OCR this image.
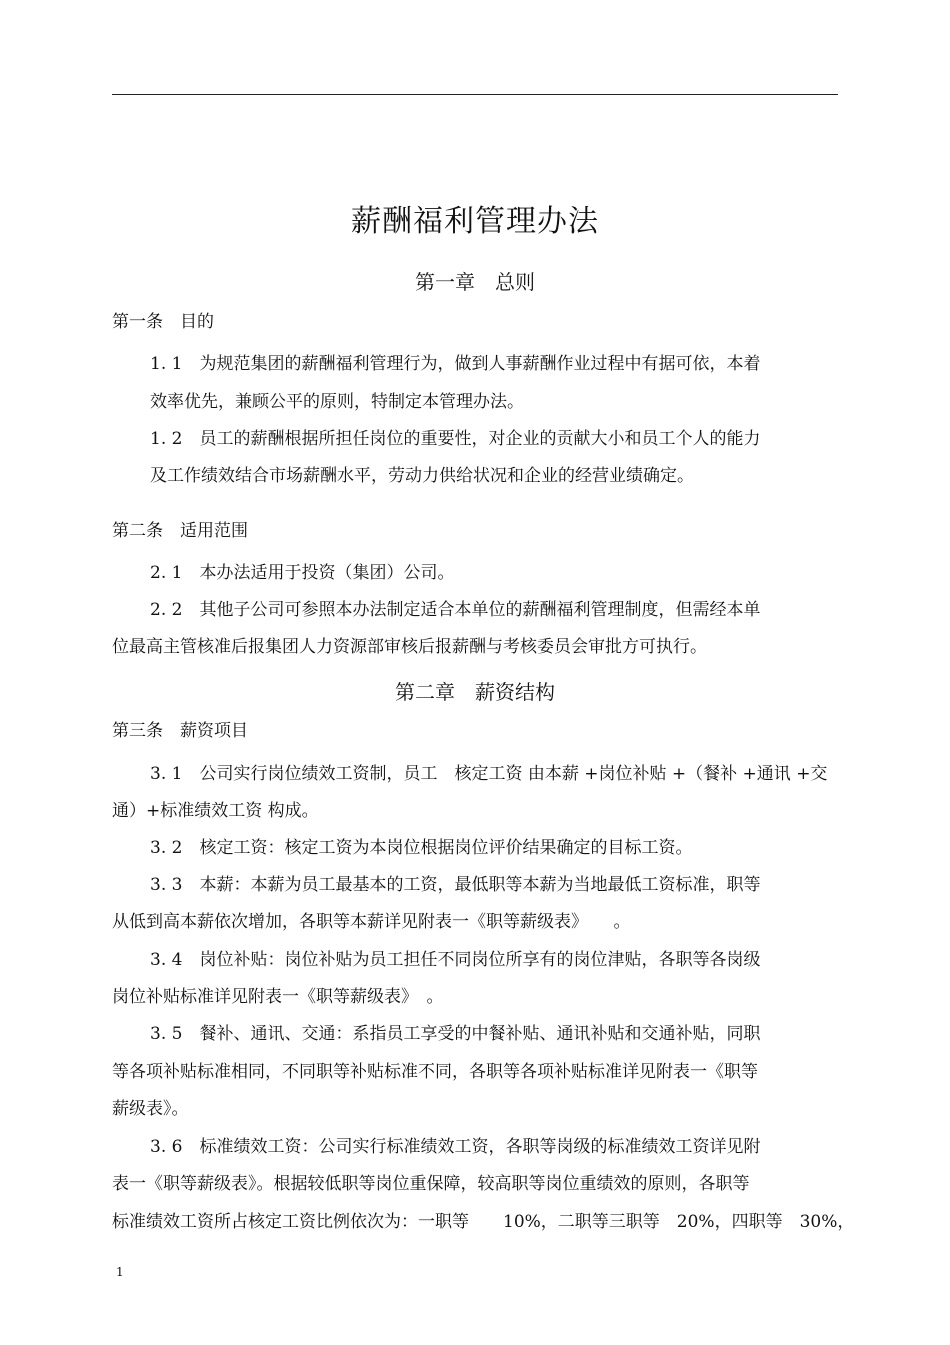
薪酬福利管理办法
第一章　总则
第一条　目的
1. 1　为规范集团的薪酬福利管理行为，做到人事薪酬作业过程中有据可依，本着
效率优先，兼顾公平的原则，特制定本管理办法。
1. 2　员工的薪酬根据所担任岗位的重要性，对企业的贡献大小和员工个人的能力
及工作绩效结合市场薪酬水平，劳动力供给状况和企业的经营业绩确定。
第二条　适用范围
2. 1　本办法适用于投资（集团）公司。
2. 2　其他子公司可参照本办法制定适合本单位的薪酬福利管理制度，但需经本单
位最高主管核准后报集团人力资源部审核后报薪酬与考核委员会审批方可执行。
第二章　薪资结构
第三条　薪资项目
3. 1　公司实行岗位绩效工资制，员工　核定工资 由本薪 +岗位补贴 +（餐补 +通讯 +交
通）+标准绩效工资 构成。
3. 2　核定工资：核定工资为本岗位根据岗位评价结果确定的目标工资。
3. 3　本薪：本薪为员工最基本的工资，最低职等本薪为当地最低工资标准，职等
从低到高本薪依次增加，各职等本薪详见附表一《职等薪级表》　　。
3. 4　岗位补贴：岗位补贴为员工担任不同岗位所享有的岗位津贴，各职等各岗级
岗位补贴标准详见附表一《职等薪级表》　。
3. 5　餐补、通讯、交通：系指员工享受的中餐补贴、通讯补贴和交通补贴，同职
等各项补贴标准相同，不同职等补贴标准不同，各职等各项补贴标准详见附表一《职等
薪级表》。
3. 6　标准绩效工资：公司实行标准绩效工资，各职等岗级的标准绩效工资详见附
表一《职等薪级表》。根据较低职等岗位重保障，较高职等岗位重绩效的原则，各职等
标准绩效工资所占核定工资比例依次为：一职等　　10%，二职等三职等　20%，四职等　30%，
1
